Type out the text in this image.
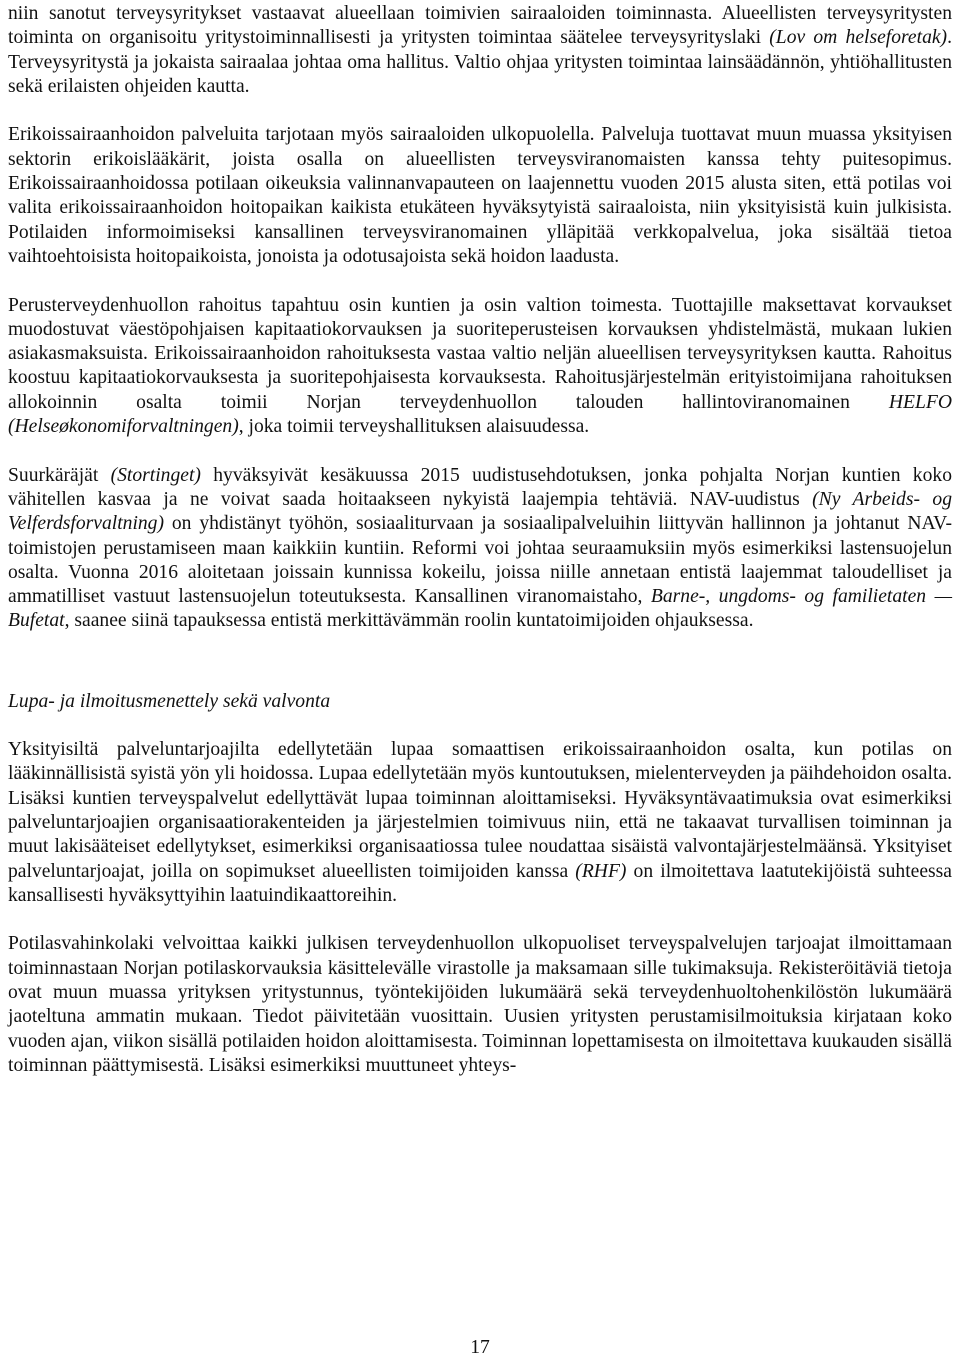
niin sanotut terveysyritykset vastaavat alueellaan toimivien sairaaloiden toiminnasta. Alueellisten terveysyritysten toiminta on organisoitu yritystoiminnallisesti ja yritysten toimintaa säätelee terveysyrityslaki (Lov om helseforetak). Terveysyritystä ja jokaista sairaalaa johtaa oma hallitus. Valtio ohjaa yritysten toimintaa lainsäädännön, yhtiöhallitusten sekä erilaisten ohjeiden kautta.

Erikoissairaanhoidon palveluita tarjotaan myös sairaaloiden ulkopuolella. Palveluja tuottavat muun muassa yksityisen sektorin erikoislääkärit, joista osalla on alueellisten terveysviranomaisten kanssa tehty puitesopimus. Erikoissairaanhoidossa potilaan oikeuksia valinnanvapauteen on laajennettu vuoden 2015 alusta siten, että potilas voi valita erikoissairaanhoidon hoitopaikan kaikista etukäteen hyväksytyistä sairaaloista, niin yksityisistä kuin julkisista. Potilaiden informoimiseksi kansallinen terveysviranomainen ylläpitää verkkopalvelua, joka sisältää tietoa vaihtoehtoisista hoitopaikoista, jonoista ja odotusajoista sekä hoidon laadusta.

Perusterveydenhuollon rahoitus tapahtuu osin kuntien ja osin valtion toimesta. Tuottajille maksettavat korvaukset muodostuvat väestöpohjaisen kapitaatiokorvauksen ja suoriteperusteisen korvauksen yhdistelmästä, mukaan lukien asiakasmaksuista. Erikoissairaanhoidon rahoituksesta vastaa valtio neljän alueellisen terveysyrityksen kautta. Rahoitus koostuu kapitaatiokorvauksesta ja suoritepohjaisesta korvauksesta. Rahoitusjärjestelmän erityistoimijana rahoituksen allokoinnin osalta toimii Norjan terveydenhuollon talouden hallintoviranomainen HELFO (Helseøkonomiforvaltningen), joka toimii terveyshallituksen alaisuudessa.

Suurkäräjät (Stortinget) hyväksyivät kesäkuussa 2015 uudistusehdotuksen, jonka pohjalta Norjan kuntien koko vähitellen kasvaa ja ne voivat saada hoitaakseen nykyistä laajempia tehtäviä. NAV-uudistus (Ny Arbeids- og Velferdsforvaltning) on yhdistänyt työhön, sosiaaliturvaan ja sosiaalipalveluihin liittyvän hallinnon ja johtanut NAV-toimistojen perustamiseen maan kaikkiin kuntiin. Reformi voi johtaa seuraamuksiin myös esimerkiksi lastensuojelun osalta. Vuonna 2016 aloitetaan joissain kunnissa kokeilu, joissa niille annetaan entistä laajemmat taloudelliset ja ammatilliset vastuut lastensuojelun toteutuksesta. Kansallinen viranomaistaho, Barne-, ungdoms- og familietaten — Bufetat, saanee siinä tapauksessa entistä merkittävämmän roolin kuntatoimijoiden ohjauksessa.

Lupa- ja ilmoitusmenettely sekä valvonta

Yksityisiltä palveluntarjoajilta edellytetään lupaa somaattisen erikoissairaanhoidon osalta, kun potilas on lääkinnällisistä syistä yön yli hoidossa. Lupaa edellytetään myös kuntoutuksen, mielenterveyden ja päihdehoidon osalta. Lisäksi kuntien terveyspalvelut edellyttävät lupaa toiminnan aloittamiseksi. Hyväksyntävaatimuksia ovat esimerkiksi palveluntarjoajien organisaatiorakenteiden ja järjestelmien toimivuus niin, että ne takaavat turvallisen toiminnan ja muut lakisääteiset edellytykset, esimerkiksi organisaatiossa tulee noudattaa sisäistä valvontajärjestelmäänsä. Yksityiset palveluntarjoajat, joilla on sopimukset alueellisten toimijoiden kanssa (RHF) on ilmoitettava laatutekijöistä suhteessa kansallisesti hyväksyttyihin laatuindikaattoreihin.

Potilasvahinkolaki velvoittaa kaikki julkisen terveydenhuollon ulkopuoliset terveyspalvelujen tarjoajat ilmoittamaan toiminnastaan Norjan potilaskorvauksia käsittelevälle virastolle ja maksamaan sille tukimaksuja. Rekisteröitäviä tietoja ovat muun muassa yrityksen yritystunnus, työntekijöiden lukumäärä sekä terveydenhuoltohenkilöstön lukumäärä jaoteltuna ammatin mukaan. Tiedot päivitetään vuosittain. Uusien yritysten perustamisilmoituksia kirjataan koko vuoden ajan, viikon sisällä potilaiden hoidon aloittamisesta. Toiminnan lopettamisesta on ilmoitettava kuukauden sisällä toiminnan päättymisestä. Lisäksi esimerkiksi muuttuneet yhteys-

17
